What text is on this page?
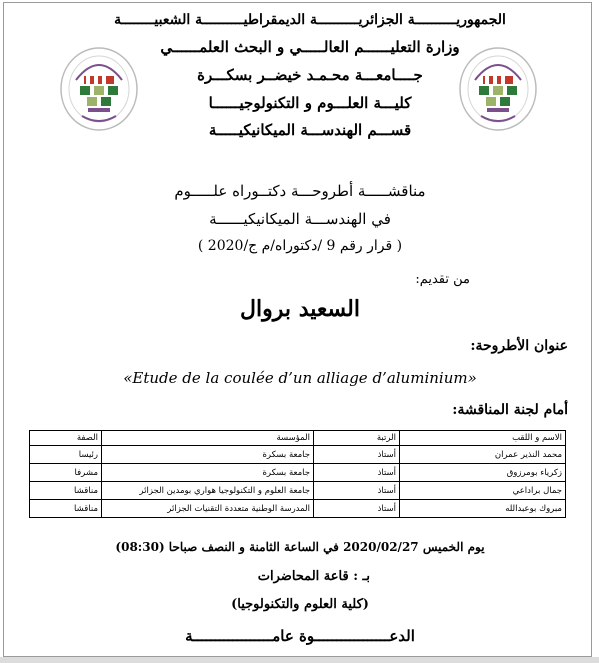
الجمهوريــــــــــة الجزائريــــــــــة الديمقراطيــــــــــة الشعبيــــــــة
وزارة التعليــــــم العالـــــي و البحث العلمــــــي
جــــامعـــة محـمـد خيضــر بسكـــرة
كليـــة العلـــوم و التكنولوجيــــــا
قســـم الهندســـة الميكانيكيـــــة
مناقشـــــة أطروحـــة دكتــوراه علـــــوم
في الهندســـة الميكانيكيــــــة
( قرار رقم 9 /دكتوراه/م ج/2020 )
من تقديم:
السعيد بروال
عنوان الأطروحة:
«Etude de la coulée d’un alliage d’aluminium»
أمام لجنة المناقشة:
الاسم و اللقب	الرتبة	المؤسسة	الصفة
محمد النذير عمران	أستاذ	جامعة بسكرة	رئيسا
زكرياء بومرزوق	أستاذ	جامعة بسكرة	مشرفا
جمال براداعي	أستاذ	جامعة العلوم و التكنولوجيا هواري بومدين الجزائر	مناقشا
مبروك بوعبدالله	أستاذ	المدرسة الوطنية متعددة التقنيات الجزائر	مناقشا
يوم الخميس 2020/02/27 في الساعة الثامنة و النصف صباحا (08:30)
بـ : قاعة المحاضرات
(كلية العلوم والتكنولوجيا)
الدعـــــــــــــــــوة عامــــــــــــــــــة
